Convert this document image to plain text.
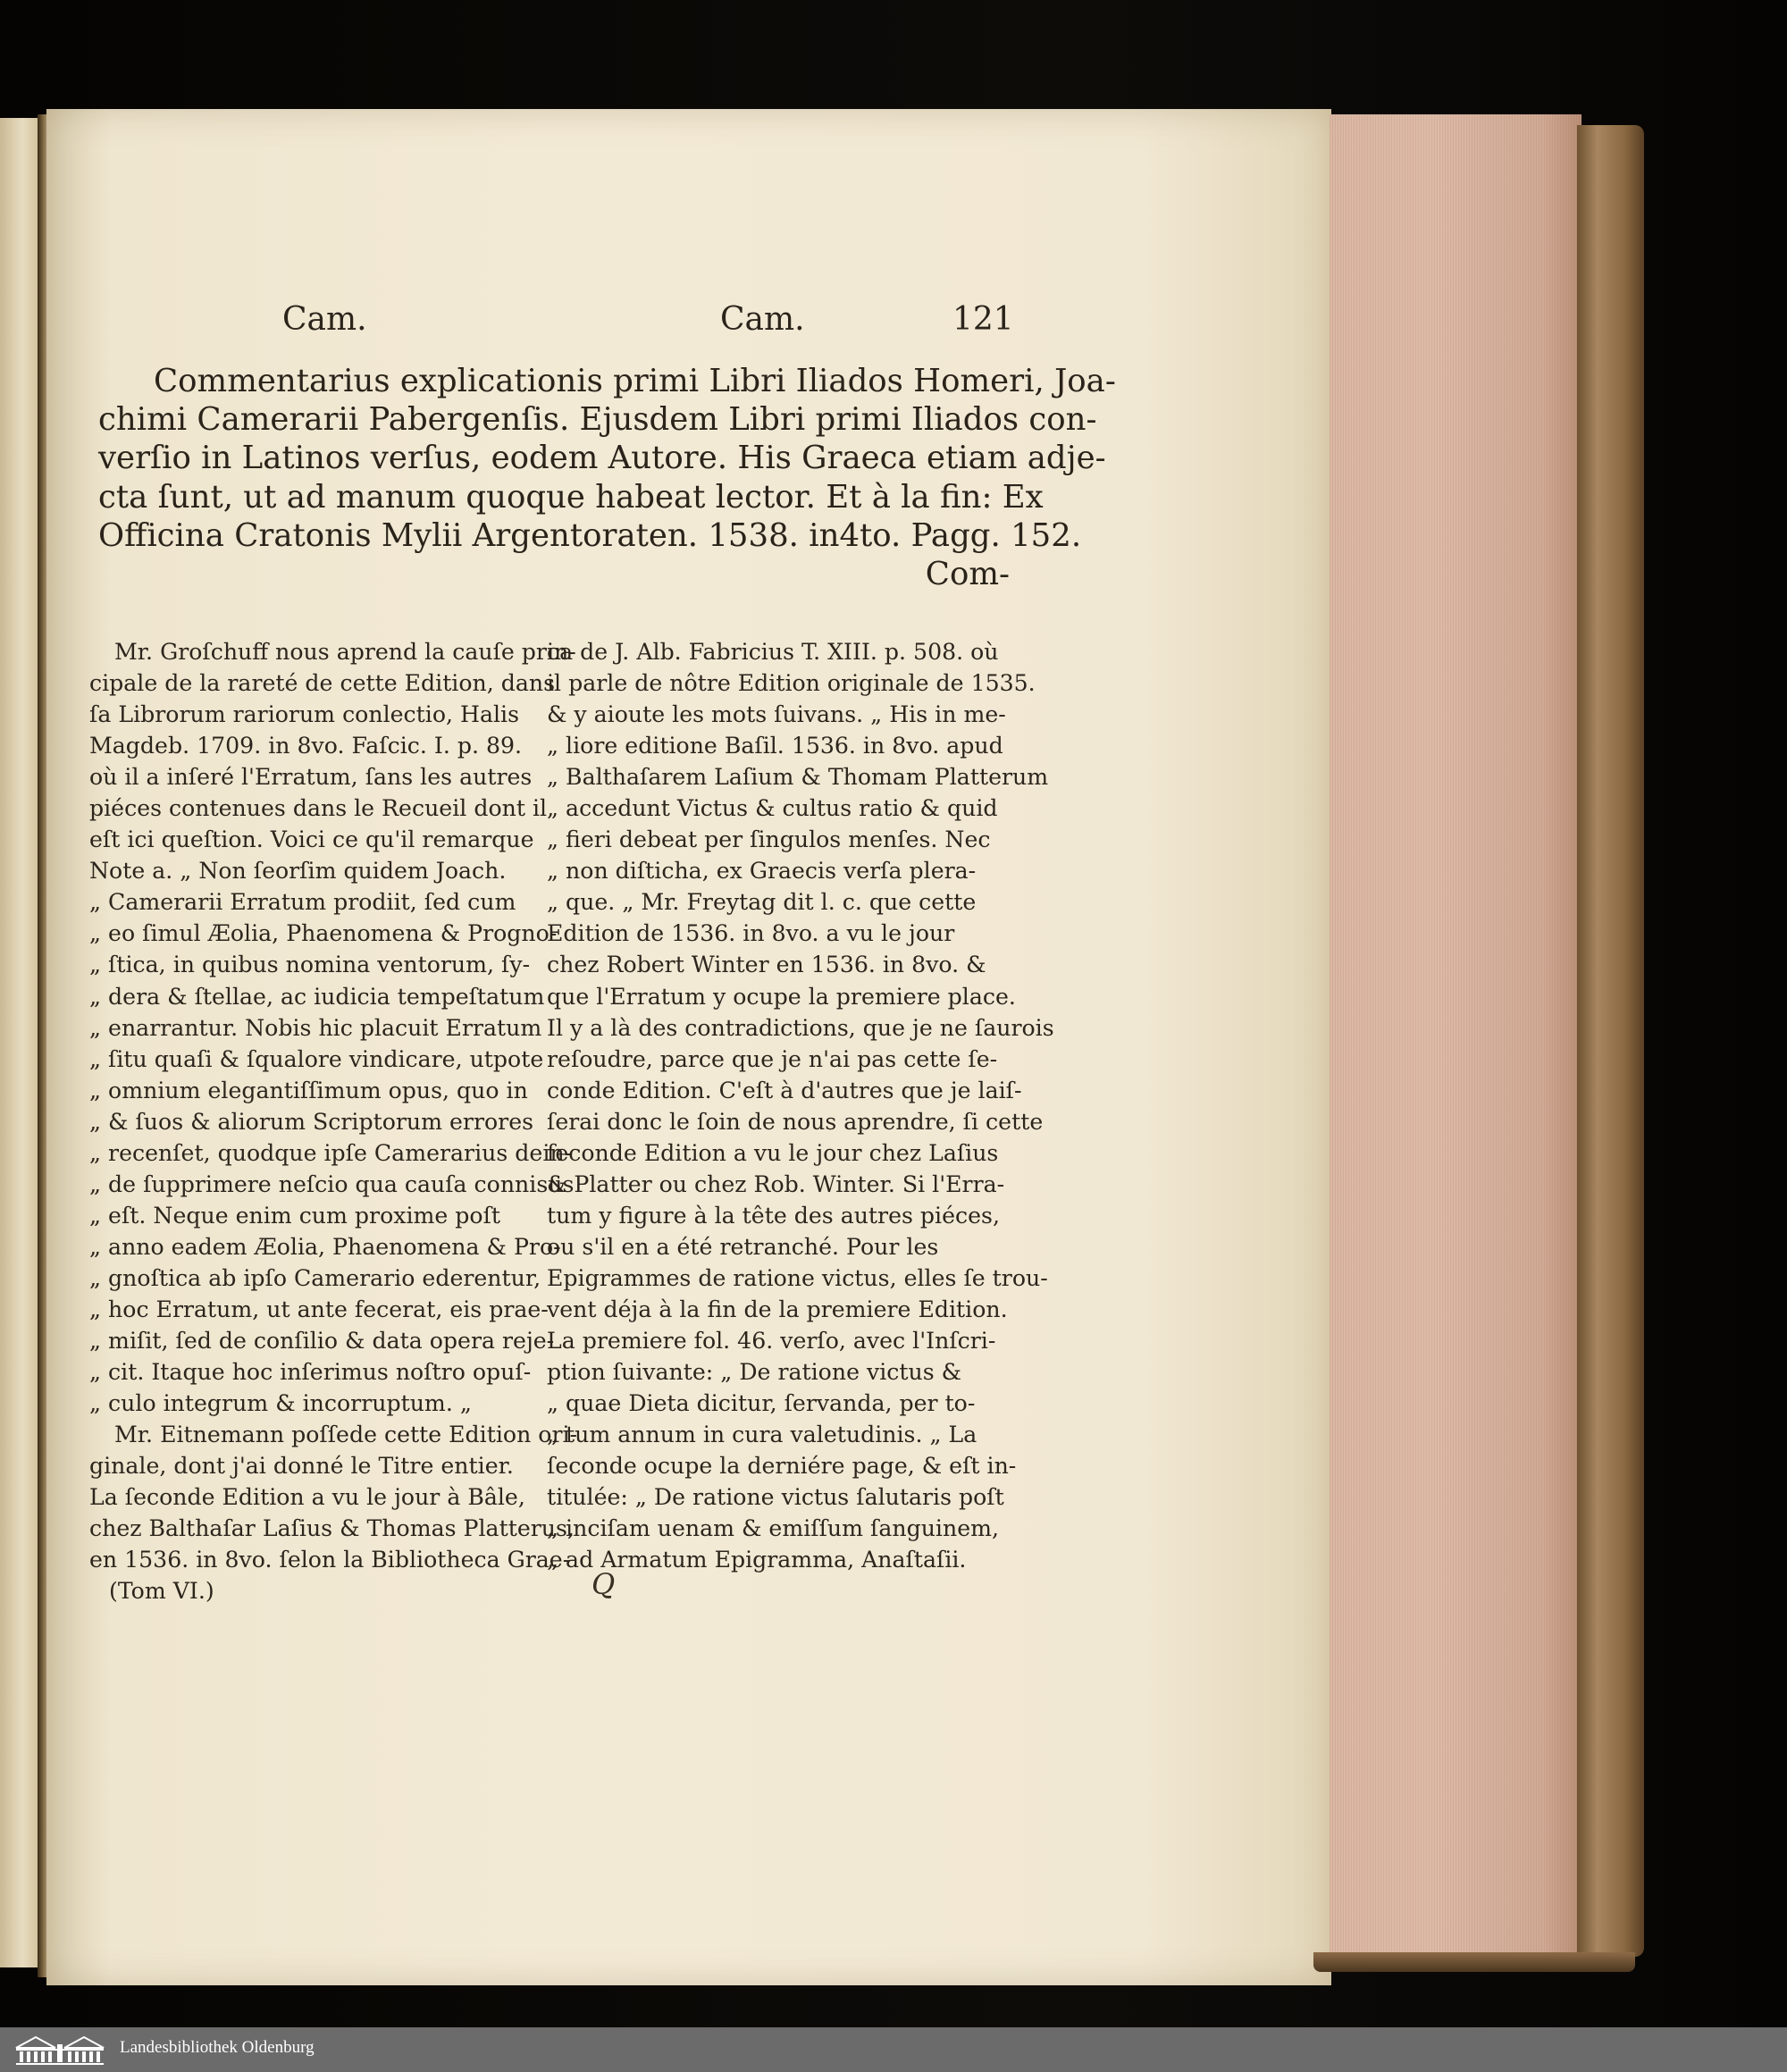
Cam.	Cam.	121
Commentarius explicationis primi Libri Iliados Homeri, Joa-
chimi Camerarii Pabergenſis. Ejusdem Libri primi Iliados con-
verſio in Latinos verſus, eodem Autore. His Graeca etiam adje-
cta ſunt, ut ad manum quoque habeat lector. Et à la fin: Ex
Officina Cratonis Mylii Argentoraten. 1538. in4to. Pagg. 152.
Com-
Mr. Groſchuff nous aprend la cauſe prin-
cipale de la rareté de cette Edition, dans
ſa Librorum rariorum conlectio, Halis
Magdeb. 1709. in 8vo. Faſcic. I. p. 89.
où il a inſeré l'Erratum, ſans les autres
piéces contenues dans le Recueil dont il
eſt ici queſtion. Voici ce qu'il remarque
Note a. „ Non ſeorſim quidem Joach.
„ Camerarii Erratum prodiit, ſed cum
„ eo ſimul Æolia, Phaenomena & Progno-
„ ſtica, in quibus nomina ventorum, ſy-
„ dera & ſtellae, ac iudicia tempeſtatum
„ enarrantur. Nobis hic placuit Erratum
„ ſitu quaſi & ſqualore vindicare, utpote
„ omnium elegantiſſimum opus, quo in
„ & ſuos & aliorum Scriptorum errores
„ recenſet, quodque ipſe Camerarius dein-
„ de ſupprimere neſcio qua cauſa connisus
„ eſt. Neque enim cum proxime poſt
„ anno eadem Æolia, Phaenomena & Pro-
„ gnoſtica ab ipſo Camerario ederentur,
„ hoc Erratum, ut ante fecerat, eis prae-
„ miſit, ſed de conſilio & data opera reje-
„ cit. Itaque hoc inſerimus noſtro opuſ-
„ culo integrum & incorruptum. „
Mr. Eitnemann poſſede cette Edition ori-
ginale, dont j'ai donné le Titre entier.
La ſeconde Edition a vu le jour à Bâle,
chez Balthaſar Laſius & Thomas Platterus,
en 1536. in 8vo. ſelon la Bibliotheca Grae-
(Tom VI.)
ca de J. Alb. Fabricius T. XIII. p. 508. où
il parle de nôtre Edition originale de 1535.
& y aioute les mots ſuivans. „ His in me-
„ liore editione Baſil. 1536. in 8vo. apud
„ Balthaſarem Laſium & Thomam Platterum
„ accedunt Victus & cultus ratio & quid
„ fieri debeat per ſingulos menſes. Nec
„ non diſticha, ex Graecis verſa plera-
„ que. „ Mr. Freytag dit l. c. que cette
Edition de 1536. in 8vo. a vu le jour
chez Robert Winter en 1536. in 8vo. &
que l'Erratum y ocupe la premiere place.
Il y a là des contradictions, que je ne ſaurois
reſoudre, parce que je n'ai pas cette ſe-
conde Edition. C'eſt à d'autres que je laiſ-
ſerai donc le ſoin de nous aprendre, ſi cette
ſeconde Edition a vu le jour chez Laſius
& Platter ou chez Rob. Winter. Si l'Erra-
tum y figure à la tête des autres piéces,
ou s'il en a été retranché. Pour les
Epigrammes de ratione victus, elles ſe trou-
vent déja à la fin de la premiere Edition.
La premiere fol. 46. verſo, avec l'Inſcri-
ption ſuivante: „ De ratione victus &
„ quae Dieta dicitur, ſervanda, per to-
„ tum annum in cura valetudinis. „ La
ſeconde ocupe la derniére page, & eſt in-
titulée: „ De ratione victus ſalutaris poſt
„ inciſam uenam & emiſſum ſanguinem,
„ ad Armatum Epigramma, Anaſtaſii.
Q
Landesbibliothek Oldenburg
